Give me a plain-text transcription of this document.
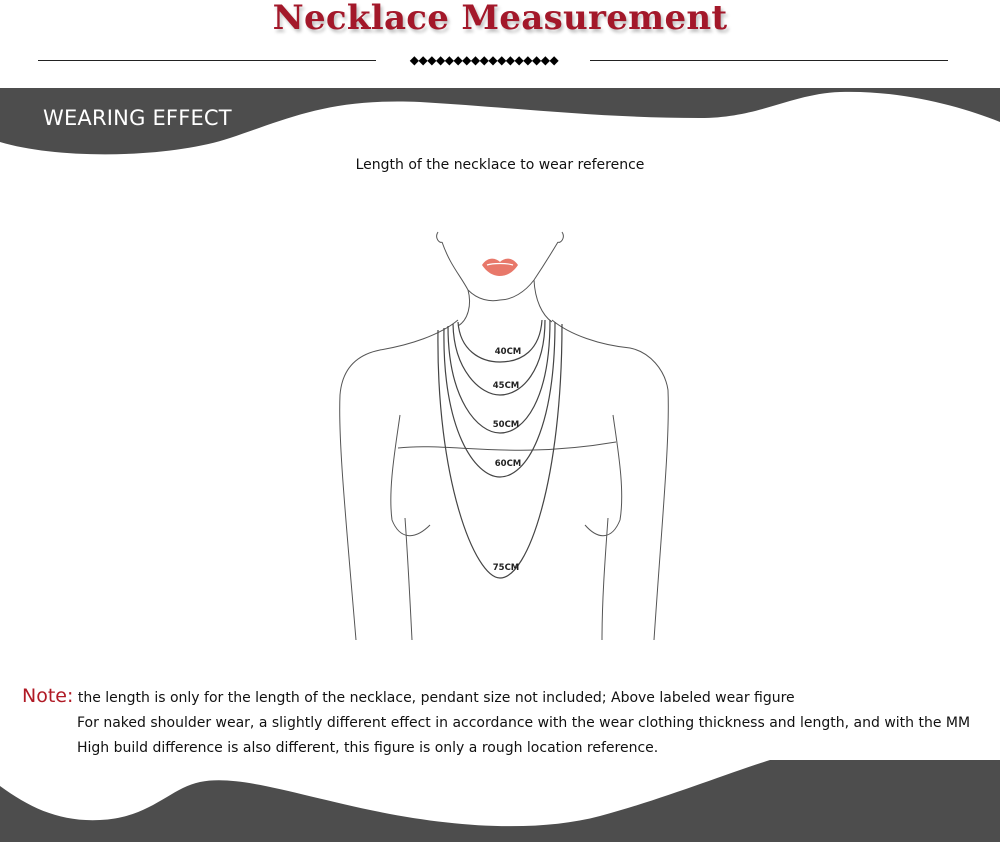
Necklace Measurement
◆◆◆◆◆◆◆◆◆◆◆◆◆◆◆◆◆
WEARING EFFECT
Length of the necklace to wear reference
40CM
45CM
50CM
60CM
75CM
Note: the length is only for the length of the necklace, pendant size not included; Above labeled wear figure
For naked shoulder wear, a slightly different effect in accordance with the wear clothing thickness and length, and with the MM
High build difference is also different, this figure is only a rough location reference.
